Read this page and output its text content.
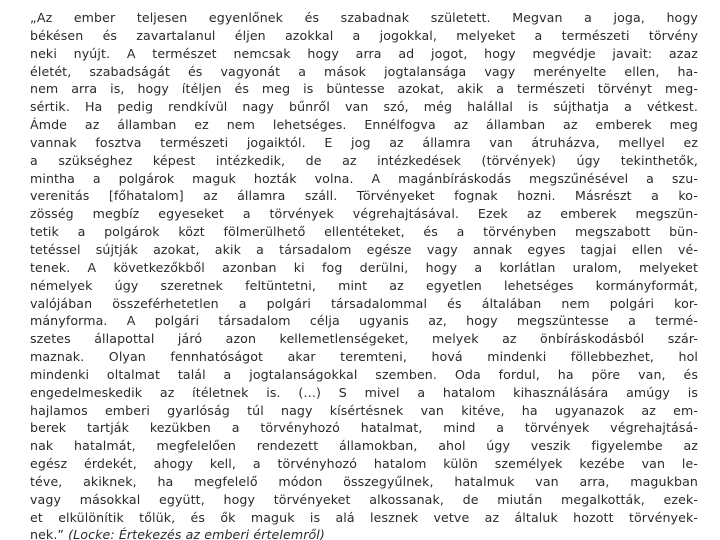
„Az ember teljesen egyenlőnek és szabadnak született. Megvan a joga, hogy
békésen és zavartalanul éljen azokkal a jogokkal, melyeket a természeti törvény
neki nyújt. A természet nemcsak hogy arra ad jogot, hogy megvédje javait: azaz
életét, szabadságát és vagyonát a mások jogtalansága vagy merényelte ellen, ha-
nem arra is, hogy ítéljen és meg is büntesse azokat, akik a természeti törvényt meg-
sértik. Ha pedig rendkívül nagy bűnről van szó, még halállal is sújthatja a vétkest.
Ámde az államban ez nem lehetséges. Ennélfogva az államban az emberek meg
vannak fosztva természeti jogaiktól. E jog az államra van átruházva, mellyel ez
a szükséghez képest intézkedik, de az intézkedések (törvények) úgy tekinthetők,
mintha a polgárok maguk hozták volna. A magánbíráskodás megszűnésével a szu-
verenitás [főhatalom] az államra száll. Törvényeket fognak hozni. Másrészt a ko-
zösség megbíz egyeseket a törvények végrehajtásával. Ezek az emberek megszün-
tetik a polgárok közt fölmerülhető ellentéteket, és a törvényben megszabott bün-
tetéssel sújtják azokat, akik a társadalom egésze vagy annak egyes tagjai ellen vé-
tenek. A következőkből azonban ki fog derülni, hogy a korlátlan uralom, melyeket
némelyek úgy szeretnek feltüntetni, mint az egyetlen lehetséges kormányformát,
valójában összeférhetetlen a polgári társadalommal és általában nem polgári kor-
mányforma. A polgári társadalom célja ugyanis az, hogy megszüntesse a termé-
szetes állapottal járó azon kellemetlenségeket, melyek az önbíráskodásból szár-
maznak. Olyan fennhatóságot akar teremteni, hová mindenki föllebbezhet, hol
mindenki oltalmat talál a jogtalanságokkal szemben. Oda fordul, ha pöre van, és
engedelmeskedik az ítéletnek is. (…) S mivel a hatalom kihasználására amúgy is
hajlamos emberi gyarlóság túl nagy kísértésnek van kitéve, ha ugyanazok az em-
berek tartják kezükben a törvényhozó hatalmat, mind a törvények végrehajtásá-
nak hatalmát, megfelelően rendezett államokban, ahol úgy veszik figyelembe az
egész érdekét, ahogy kell, a törvényhozó hatalom külön személyek kezébe van le-
téve, akiknek, ha megfelelő módon összegyűlnek, hatalmuk van arra, magukban
vagy másokkal együtt, hogy törvényeket alkossanak, de miután megalkották, ezek-
et elkülönítik tőlük, és ők maguk is alá lesznek vetve az általuk hozott törvények-
nek.” (Locke: Értekezés az emberi értelemről)
